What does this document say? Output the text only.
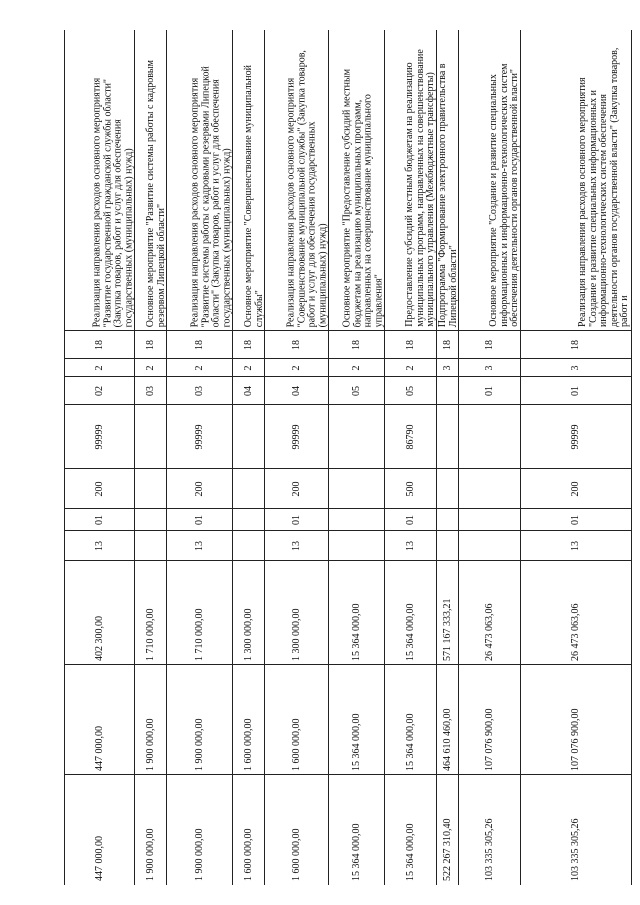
Реализация направления расходов основного мероприятия "Развитие государственной гражданской службы области" (Закупка товаров, работ и услуг для обеспечения государственных (муниципальных) нужд)
18
2
02
99999
200
01
13
402 300,00
447 000,00
447 000,00
Основное мероприятие "Развитие системы работы с кадровым резервом Липецкой области"
18
2
03
1 710 000,00
1 900 000,00
1 900 000,00
Реализация направления расходов основного мероприятия "Развитие системы работы с кадровыми резервами Липецкой области" (Закупка товаров, работ и услуг для обеспечения государственных (муниципальных) нужд)
18
2
03
99999
200
01
13
1 710 000,00
1 900 000,00
1 900 000,00
Основное мероприятие "Совершенствование муниципальной службы"
18
2
04
1 300 000,00
1 600 000,00
1 600 000,00
Реализация направления расходов основного мероприятия "Совершенствование муниципальной службы" (Закупка товаров, работ и услуг для обеспечения государственных (муниципальных) нужд)
18
2
04
99999
200
01
13
1 300 000,00
1 600 000,00
1 600 000,00
Основное мероприятие "Предоставление субсидий местным бюджетам на реализацию муниципальных программ, направленных на совершенствование муниципального управления"
18
2
05
15 364 000,00
15 364 000,00
15 364 000,00
Предоставление субсидий местным бюджетам на реализацию муниципальных программ, направленных на совершенствование муниципального управления (Межбюджетные трансферты)
18
2
05
86790
500
01
13
15 364 000,00
15 364 000,00
15 364 000,00
Подпрограмма "Формирование электронного правительства в Липецкой области"
18
3
571 167 333,21
464 610 460,00
522 267 310,40
Основное мероприятие "Создание и развитие специальных информационных и информационно-технологических систем обеспечения деятельности органов государственной власти"
18
3
01
26 473 063,06
107 076 900,00
103 335 305,26
Реализация направления расходов основного мероприятия "Создание и развитие специальных информационных и информационно-технологических систем обеспечения деятельности органов государственной власти" (Закупка товаров, работ и
18
3
01
99999
200
01
13
26 473 063,06
107 076 900,00
103 335 305,26
